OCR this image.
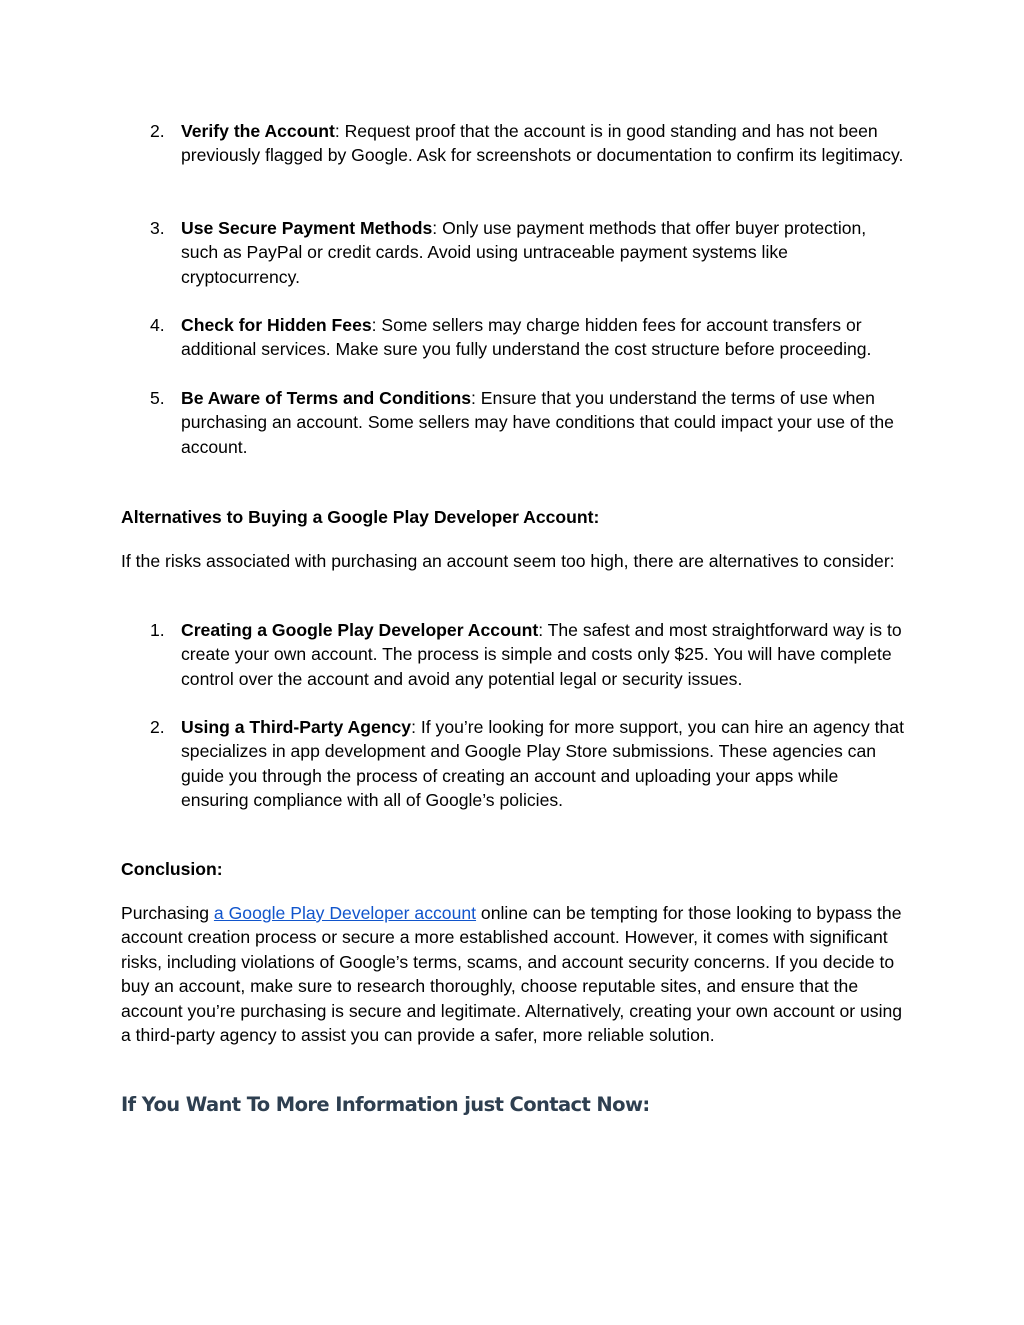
2. Verify the Account: Request proof that the account is in good standing and has not been previously flagged by Google. Ask for screenshots or documentation to confirm its legitimacy.
3. Use Secure Payment Methods: Only use payment methods that offer buyer protection, such as PayPal or credit cards. Avoid using untraceable payment systems like cryptocurrency.
4. Check for Hidden Fees: Some sellers may charge hidden fees for account transfers or additional services. Make sure you fully understand the cost structure before proceeding.
5. Be Aware of Terms and Conditions: Ensure that you understand the terms of use when purchasing an account. Some sellers may have conditions that could impact your use of the account.
Alternatives to Buying a Google Play Developer Account:

If the risks associated with purchasing an account seem too high, there are alternatives to consider:

1. Creating a Google Play Developer Account: The safest and most straightforward way is to create your own account. The process is simple and costs only $25. You will have complete control over the account and avoid any potential legal or security issues.
2. Using a Third-Party Agency: If you’re looking for more support, you can hire an agency that specializes in app development and Google Play Store submissions. These agencies can guide you through the process of creating an account and uploading your apps while ensuring compliance with all of Google’s policies.
Conclusion:

Purchasing a Google Play Developer account online can be tempting for those looking to bypass the account creation process or secure a more established account. However, it comes with significant risks, including violations of Google’s terms, scams, and account security concerns. If you decide to buy an account, make sure to research thoroughly, choose reputable sites, and ensure that the account you’re purchasing is secure and legitimate. Alternatively, creating your own account or using a third-party agency to assist you can provide a safer, more reliable solution.

If You Want To More Information just Contact Now:
